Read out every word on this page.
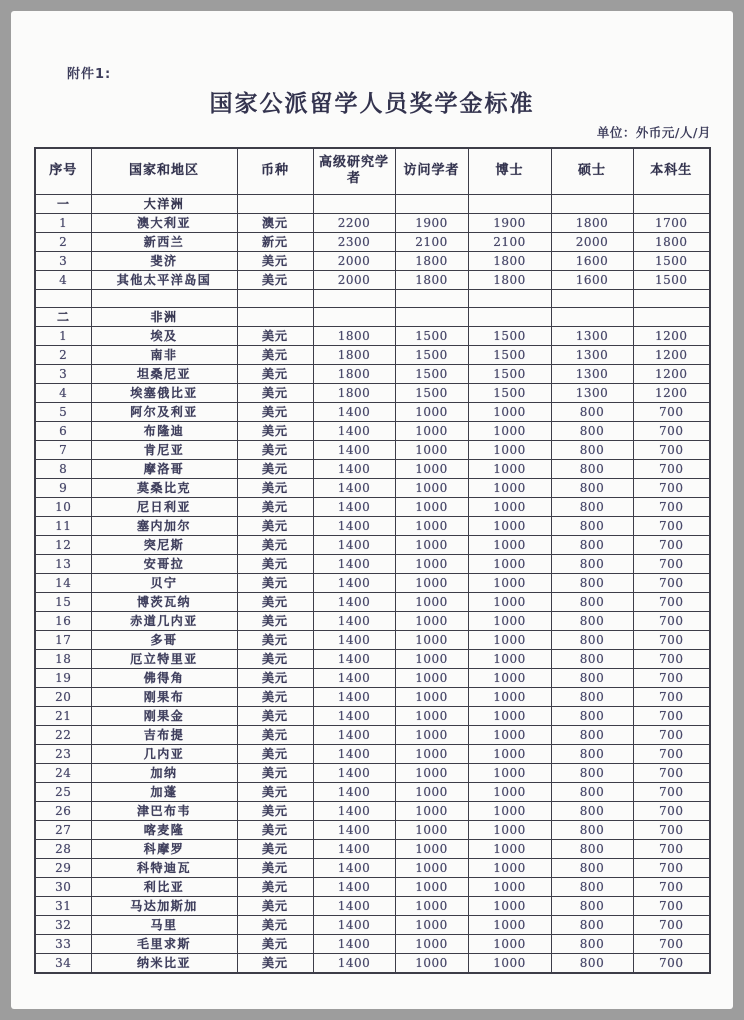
附件1:
国家公派留学人员奖学金标准
单位：外币元/人/月
序号	国家和地区	币种	高级研究学者	访问学者	博士	硕士	本科生
一	大洋洲						
1	澳大利亚	澳元	2200	1900	1900	1800	1700
2	新西兰	新元	2300	2100	2100	2000	1800
3	斐济	美元	2000	1800	1800	1600	1500
4	其他太平洋岛国	美元	2000	1800	1800	1600	1500

二	非洲						
1	埃及	美元	1800	1500	1500	1300	1200
2	南非	美元	1800	1500	1500	1300	1200
3	坦桑尼亚	美元	1800	1500	1500	1300	1200
4	埃塞俄比亚	美元	1800	1500	1500	1300	1200
5	阿尔及利亚	美元	1400	1000	1000	800	700
6	布隆迪	美元	1400	1000	1000	800	700
7	肯尼亚	美元	1400	1000	1000	800	700
8	摩洛哥	美元	1400	1000	1000	800	700
9	莫桑比克	美元	1400	1000	1000	800	700
10	尼日利亚	美元	1400	1000	1000	800	700
11	塞内加尔	美元	1400	1000	1000	800	700
12	突尼斯	美元	1400	1000	1000	800	700
13	安哥拉	美元	1400	1000	1000	800	700
14	贝宁	美元	1400	1000	1000	800	700
15	博茨瓦纳	美元	1400	1000	1000	800	700
16	赤道几内亚	美元	1400	1000	1000	800	700
17	多哥	美元	1400	1000	1000	800	700
18	厄立特里亚	美元	1400	1000	1000	800	700
19	佛得角	美元	1400	1000	1000	800	700
20	刚果布	美元	1400	1000	1000	800	700
21	刚果金	美元	1400	1000	1000	800	700
22	吉布提	美元	1400	1000	1000	800	700
23	几内亚	美元	1400	1000	1000	800	700
24	加纳	美元	1400	1000	1000	800	700
25	加蓬	美元	1400	1000	1000	800	700
26	津巴布韦	美元	1400	1000	1000	800	700
27	喀麦隆	美元	1400	1000	1000	800	700
28	科摩罗	美元	1400	1000	1000	800	700
29	科特迪瓦	美元	1400	1000	1000	800	700
30	利比亚	美元	1400	1000	1000	800	700
31	马达加斯加	美元	1400	1000	1000	800	700
32	马里	美元	1400	1000	1000	800	700
33	毛里求斯	美元	1400	1000	1000	800	700
34	纳米比亚	美元	1400	1000	1000	800	700
